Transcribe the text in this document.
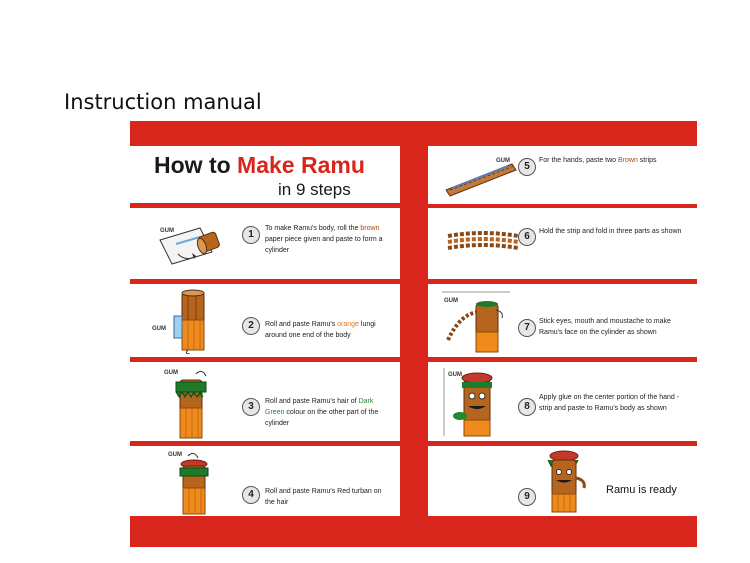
Instruction manual
How to Make Ramu
in 9 steps
GUM	1
To make Ramu's body, roll the brown paper piece given and paste to form a cylinder
GUM	2	Roll and paste Ramu's orange lungi around one end of the body
GUM
3	Roll and paste Ramu's hair of Dark Green colour on the other part of the cylinder
GUM
4	Roll and paste Ramu's Red turban on the hair
GUM	5
For the hands, paste two Brown strips
6	Hold the strip and fold in three parts as shown
GUM
7
Stick eyes, mouth and moustache to make Ramu's face on the cylinder as shown
GUM
8
Apply glue on the center portion of the hand - strip and paste to Ramu's body as shown
9
Ramu is ready
